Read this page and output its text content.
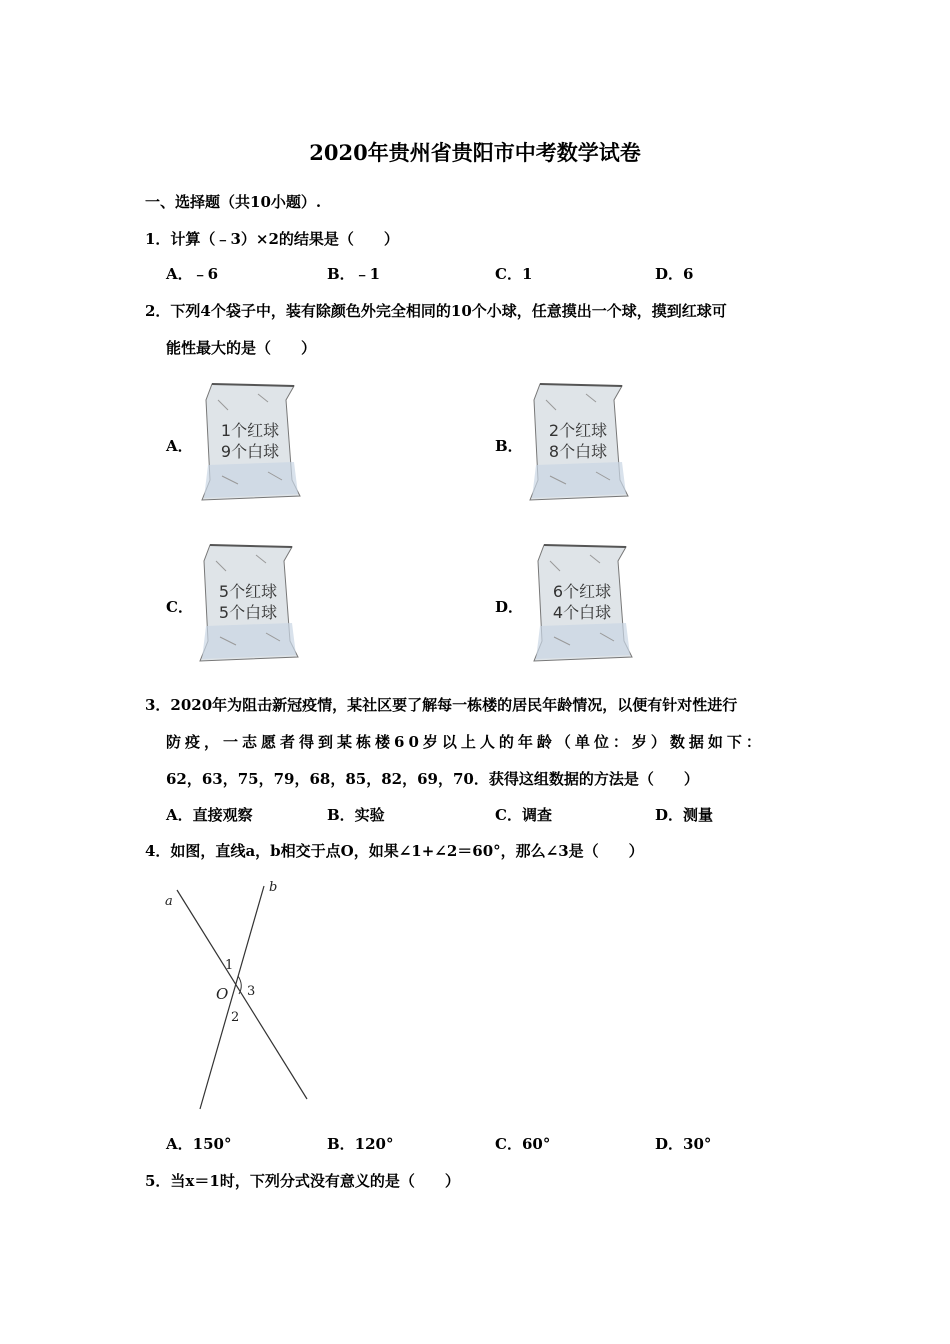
2020年贵州省贵阳市中考数学试卷
一、选择题（共10小题）.
1．计算（﹣3）×2的结果是（　　）
A．﹣6	B．﹣1	C．1	D．6
2．下列4个袋子中，装有除颜色外完全相同的10个小球，任意摸出一个球，摸到红球可
能性最大的是（　　）
A．
1个红球
9个白球	B．
2个红球
8个白球
C．
5个红球
5个白球	D．
6个红球
4个白球
3．2020年为阻击新冠疫情，某社区要了解每一栋楼的居民年龄情况，以便有针对性进行
防疫，一志愿者得到某栋楼60岁以上人的年龄（单位：岁）数据如下：
62，63，75，79，68，85，82，69，70．获得这组数据的方法是（　　）
A．直接观察	B．实验	C．调查	D．测量
4．如图，直线a，b相交于点O，如果∠1+∠2＝60°，那么∠3是（　　）
a
b
1
O 3
2
A．150°	B．120°	C．60°	D．30°
5．当x＝1时，下列分式没有意义的是（　　）
